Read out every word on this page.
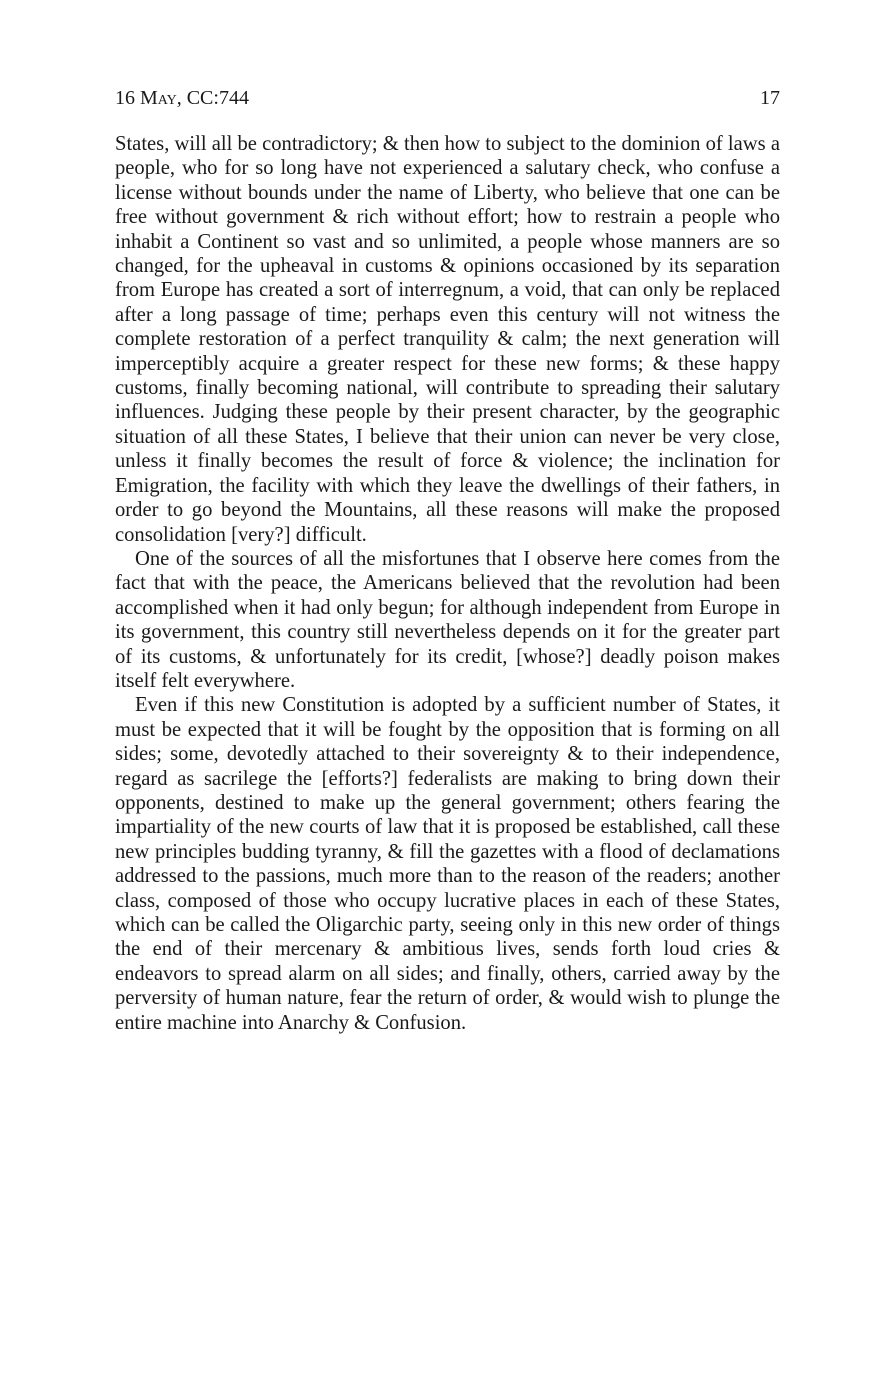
16 May, CC:744	17

States, will all be contradictory; & then how to subject to the dominion of laws a people, who for so long have not experienced a salutary check, who confuse a license without bounds under the name of Liberty, who believe that one can be free without government & rich without effort; how to restrain a people who inhabit a Continent so vast and so unlimited, a people whose manners are so changed, for the upheaval in customs & opinions occasioned by its separation from Europe has created a sort of interregnum, a void, that can only be replaced after a long passage of time; perhaps even this century will not witness the complete restoration of a perfect tranquility & calm; the next generation will imperceptibly acquire a greater respect for these new forms; & these happy customs, finally becoming national, will contribute to spreading their salutary influences. Judging these people by their present character, by the geographic situation of all these States, I believe that their union can never be very close, unless it finally becomes the result of force & violence; the inclination for Emigration, the facility with which they leave the dwellings of their fathers, in order to go beyond the Mountains, all these reasons will make the proposed consolidation [very?] difficult.

One of the sources of all the misfortunes that I observe here comes from the fact that with the peace, the Americans believed that the revolution had been accomplished when it had only begun; for although independent from Europe in its government, this country still nevertheless depends on it for the greater part of its customs, & unfortunately for its credit, [whose?] deadly poison makes itself felt everywhere.

Even if this new Constitution is adopted by a sufficient number of States, it must be expected that it will be fought by the opposition that is forming on all sides; some, devotedly attached to their sovereignty & to their independence, regard as sacrilege the [efforts?] federalists are making to bring down their opponents, destined to make up the general government; others fearing the impartiality of the new courts of law that it is proposed be established, call these new principles budding tyranny, & fill the gazettes with a flood of declamations addressed to the passions, much more than to the reason of the readers; another class, composed of those who occupy lucrative places in each of these States, which can be called the Oligarchic party, seeing only in this new order of things the end of their mercenary & ambitious lives, sends forth loud cries & endeavors to spread alarm on all sides; and finally, others, carried away by the perversity of human nature, fear the return of order, & would wish to plunge the entire machine into Anarchy & Confusion.
